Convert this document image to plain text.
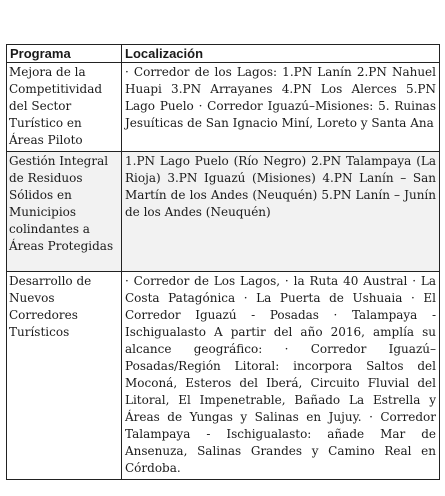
Programa	Localización
Mejora de la Competitividad del Sector Turístico en Áreas Piloto	· Corredor de los Lagos: 1.PN Lanín 2.PN Nahuel Huapi 3.PN Arrayanes 4.PN Los Alerces 5.PN Lago Puelo · Corredor Iguazú–Misiones: 5. Ruinas Jesuíticas de San Ignacio Miní, Loreto y Santa Ana
Gestión Integral de Residuos Sólidos en Municipios colindantes a Áreas Protegidas	1.PN Lago Puelo (Río Negro) 2.PN Talampaya (La Rioja) 3.PN Iguazú (Misiones) 4.PN Lanín – San Martín de los Andes (Neuquén) 5.PN Lanín – Junín de los Andes (Neuquén)
Desarrollo de Nuevos Corredores Turísticos	· Corredor de Los Lagos, · la Ruta 40 Austral · La Costa Patagónica · La Puerta de Ushuaia · El Corredor Iguazú - Posadas · Talampaya - Ischigualasto A partir del año 2016, amplía su alcance geográfico: · Corredor Iguazú–Posadas/Región Litoral: incorpora Saltos del Moconá, Esteros del Iberá, Circuito Fluvial del Litoral, El Impenetrable, Bañado La Estrella y Áreas de Yungas y Salinas en Jujuy. · Corredor Talampaya - Ischigualasto: añade Mar de Ansenuza, Salinas Grandes y Camino Real en Córdoba.
